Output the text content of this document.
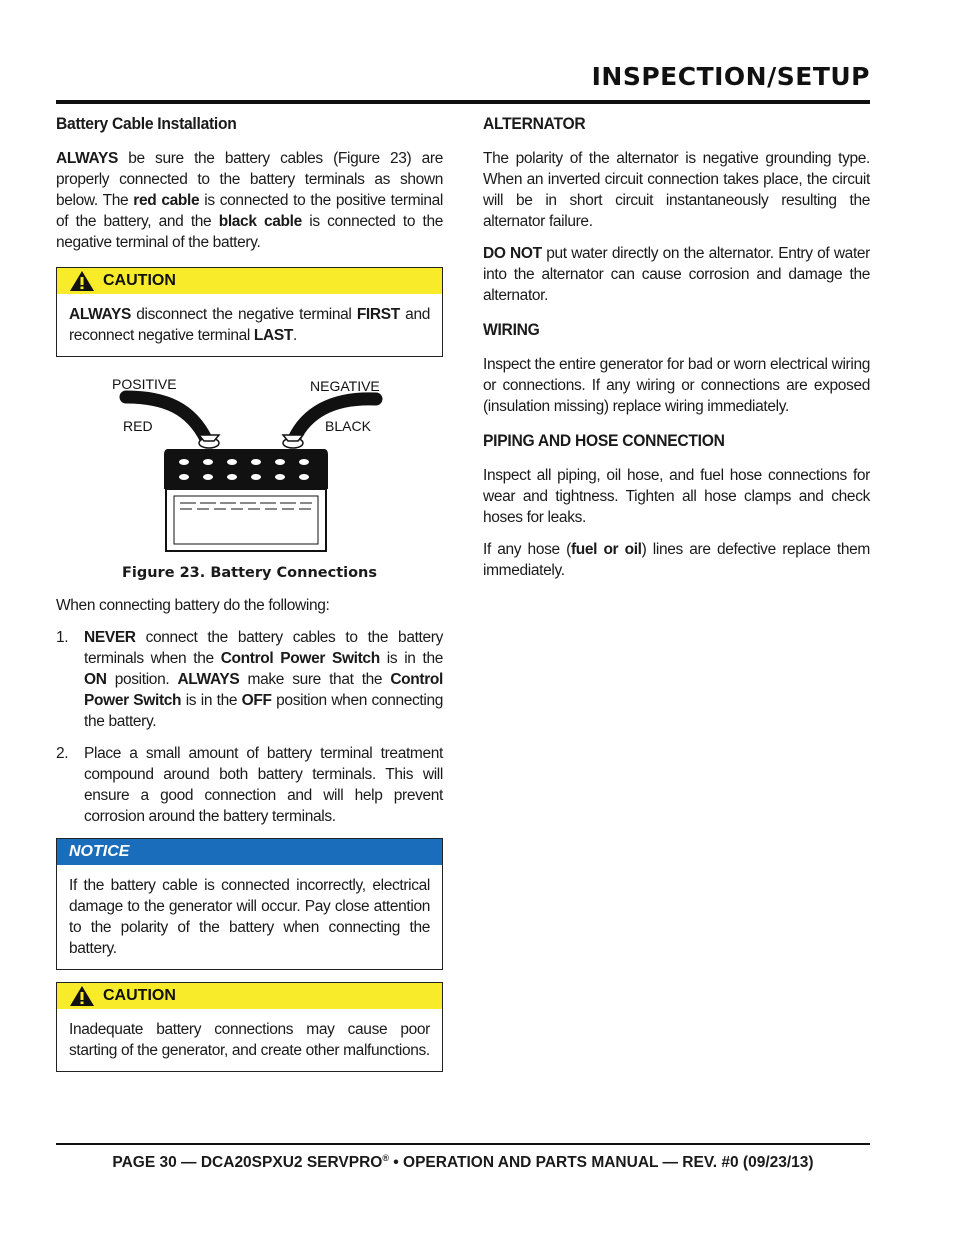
INSPECTION/SETUP
Battery Cable Installation

ALWAYS be sure the battery cables (Figure 23) are properly connected to the battery terminals as shown below. The red cable is connected to the positive terminal of the battery, and the black cable is connected to the negative terminal of the battery.

CAUTION

ALWAYS disconnect the negative terminal FIRST and reconnect negative terminal LAST.

POSITIVE	NEGATIVE
RED	BLACK
Figure 23. Battery Connections

When connecting battery do the following:

1. NEVER connect the battery cables to the battery terminals when the Control Power Switch is in the ON position. ALWAYS make sure that the Control Power Switch is in the OFF position when connecting the battery.
2. Place a small amount of battery terminal treatment compound around both battery terminals. This will ensure a good connection and will help prevent corrosion around the battery terminals.
NOTICE

If the battery cable is connected incorrectly, electrical damage to the generator will occur. Pay close attention to the polarity of the battery when connecting the battery.

CAUTION

Inadequate battery connections may cause poor starting of the generator, and create other malfunctions.

ALTERNATOR

The polarity of the alternator is negative grounding type. When an inverted circuit connection takes place, the circuit will be in short circuit instantaneously resulting the alternator failure.

DO NOT put water directly on the alternator. Entry of water into the alternator can cause corrosion and damage the alternator.

WIRING

Inspect the entire generator for bad or worn electrical wiring or connections. If any wiring or connections are exposed (insulation missing) replace wiring immediately.

PIPING AND HOSE CONNECTION

Inspect all piping, oil hose, and fuel hose connections for wear and tightness. Tighten all hose clamps and check hoses for leaks.

If any hose (fuel or oil) lines are defective replace them immediately.

PAGE 30 — DCA20SPXU2 SERVPRO® • OPERATION AND PARTS MANUAL — REV. #0 (09/23/13)
